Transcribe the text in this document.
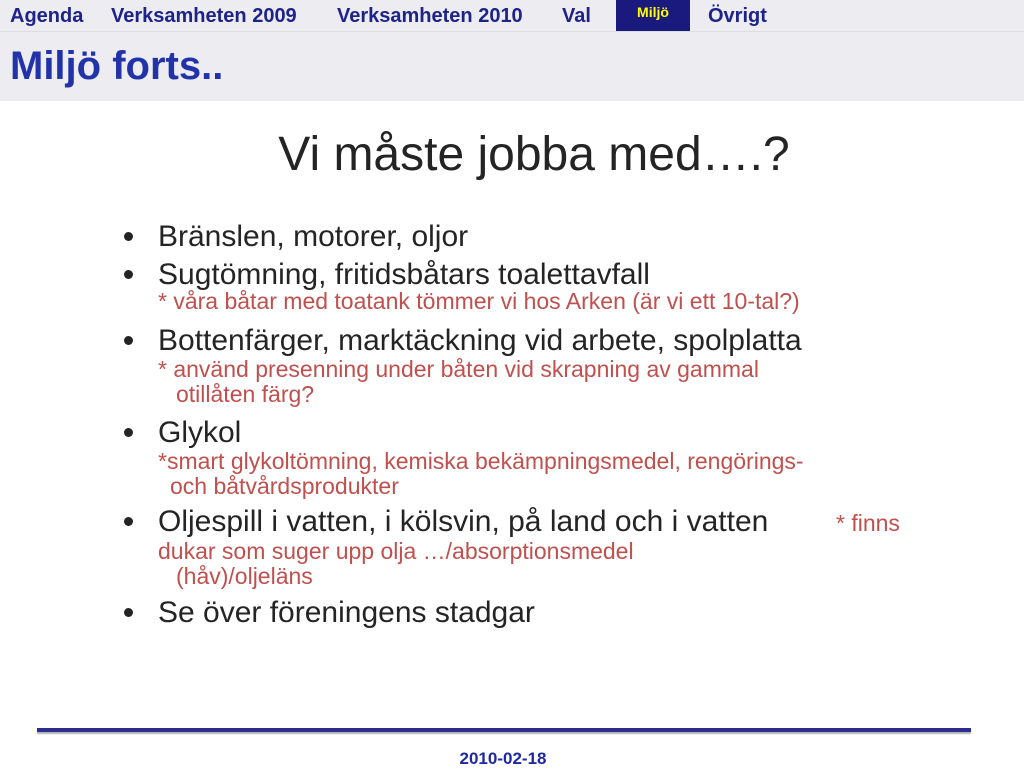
Agenda Verksamheten 2009 Verksamheten 2010 Val	Miljö	Övrigt
Miljö forts..
Vi måste jobba med….?
Bränslen, motorer, oljor
Sugtömning, fritidsbåtars toalettavfall
* våra båtar med toatank tömmer vi hos Arken (är vi ett 10-tal?)
Bottenfärger, marktäckning vid arbete, spolplatta
* använd presenning under båten vid skrapning av gammal
otillåten färg?
Glykol
*smart glykoltömning, kemiska bekämpningsmedel, rengörings-
och båtvårdsprodukter
Oljespill i vatten, i kölsvin, på land och i vatten	* finns
dukar som suger upp olja …/absorptionsmedel
(håv)/oljeläns
Se över föreningens stadgar
2010-02-18
